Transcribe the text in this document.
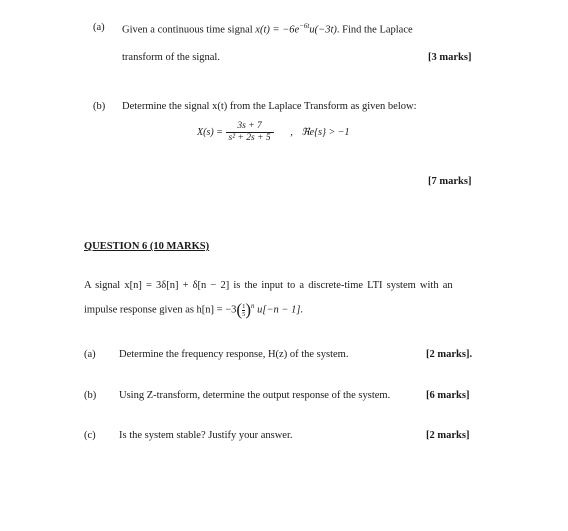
(a) Given a continuous time signal $x(t) = -6e^{-6t}u(-3t)$. Find the Laplace
transform of the signal.	[3 marks]
(b) Determine the signal x(t) from the Laplace Transform as given below:
$X(s) = \frac{3s + 7}{\text{s² + 2s + 5}}$ , ℜe{s} > −1
[7 marks]
QUESTION 6 (10 MARKS)
A signal x[n] = 3δ[n] + δ[n − 2] is the input to a discrete-time LTI system with an
impulse response given as $h[n] = -3( \frac{1}{5} )^n$ u[−n − 1].
(a) Determine the frequency response, H(z) of the system.	[2 marks].
(b) Using Z-transform, determine the output response of the system.	[6 marks]
(c) Is the system stable? Justify your answer.	[2 marks]
